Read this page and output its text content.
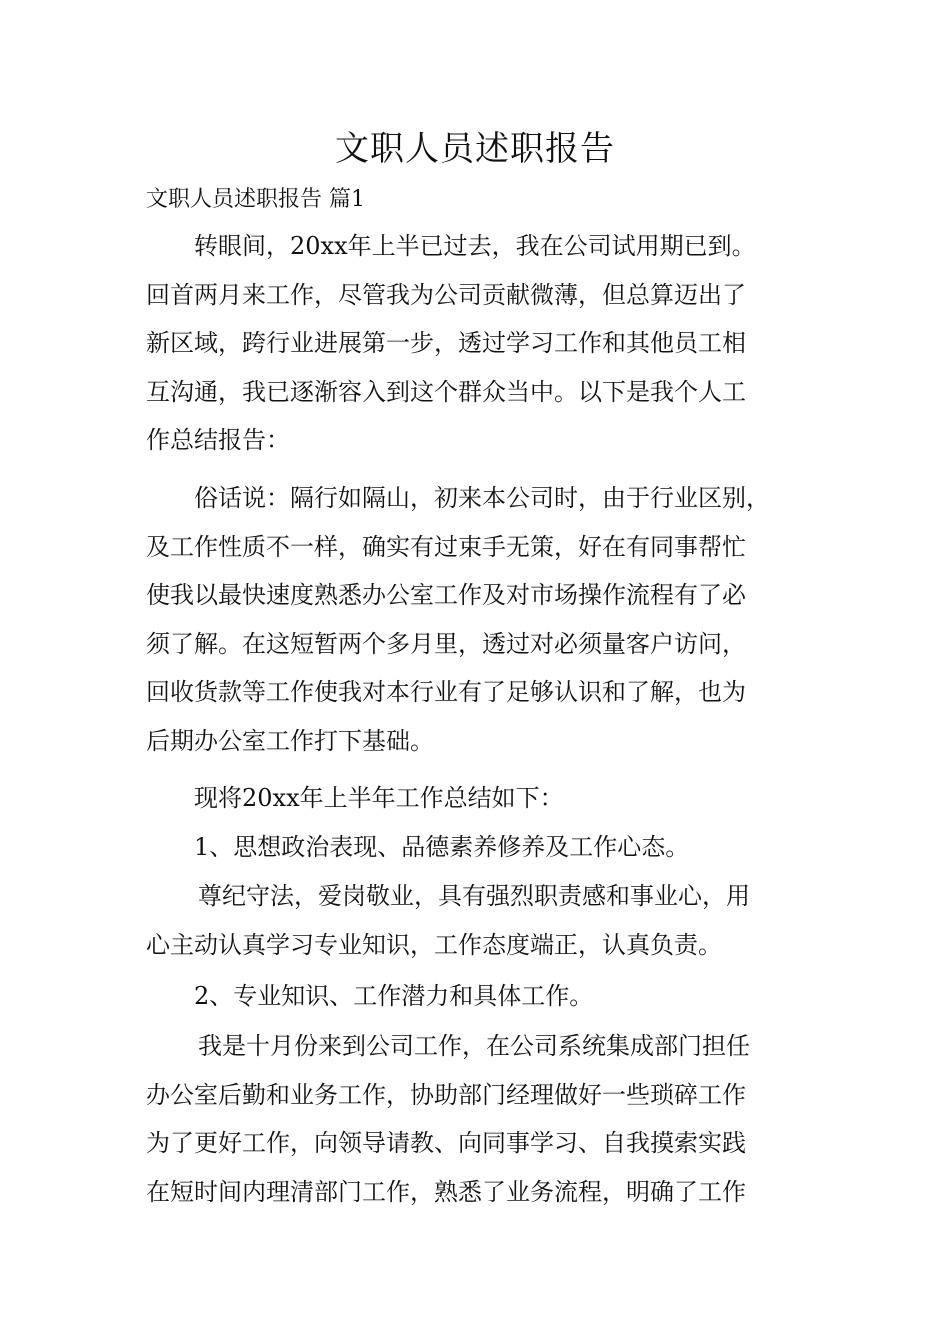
文职人员述职报告
文职人员述职报告 篇1
转眼间，20xx年上半已过去，我在公司试用期已到。
回首两月来工作，尽管我为公司贡献微薄，但总算迈出了
新区域，跨行业进展第一步，透过学习工作和其他员工相
互沟通，我已逐渐容入到这个群众当中。以下是我个人工
作总结报告：
俗话说：隔行如隔山，初来本公司时，由于行业区别，
及工作性质不一样，确实有过束手无策，好在有同事帮忙
使我以最快速度熟悉办公室工作及对市场操作流程有了必
须了解。在这短暂两个多月里，透过对必须量客户访问，
回收货款等工作使我对本行业有了足够认识和了解，也为
后期办公室工作打下基础。
现将20xx年上半年工作总结如下：
1、思想政治表现、品德素养修养及工作心态。
尊纪守法，爱岗敬业，具有强烈职责感和事业心，用
心主动认真学习专业知识，工作态度端正，认真负责。
2、专业知识、工作潜力和具体工作。
我是十月份来到公司工作，在公司系统集成部门担任
办公室后勤和业务工作，协助部门经理做好一些琐碎工作
为了更好工作，向领导请教、向同事学习、自我摸索实践
在短时间内理清部门工作，熟悉了业务流程，明确了工作
